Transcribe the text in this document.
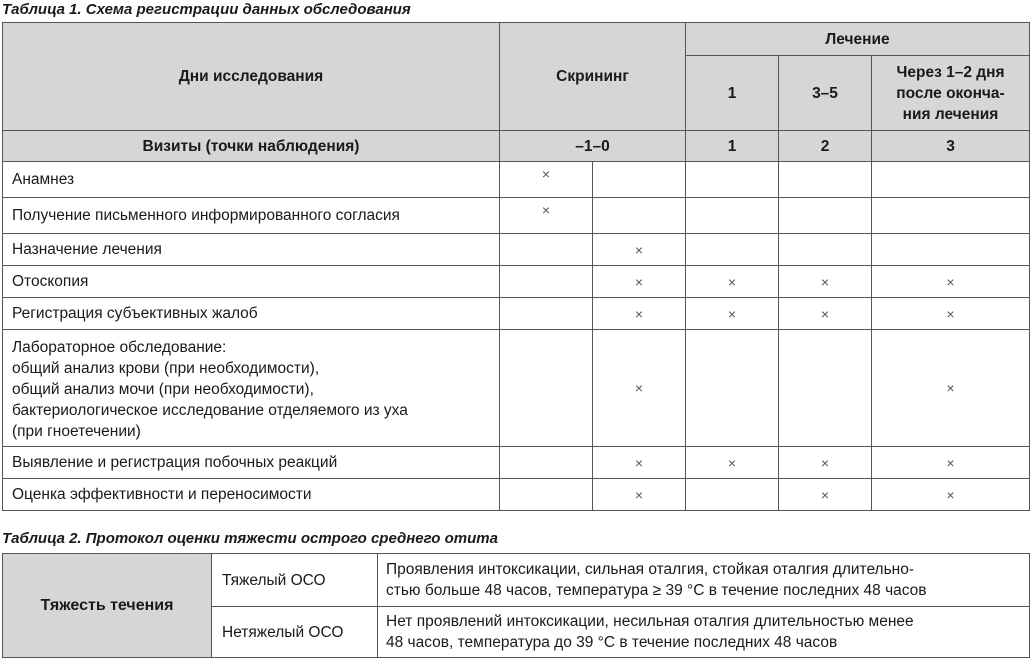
Таблица 1. Схема регистрации данных обследования
Дни исследования	Скрининг		Лечение		
			1	3–5	Через 1–2 дня
после оконча-
ния лечения

Визиты (точки наблюдения)	–1–0		1	2	3

Анамнез	×				

Получение письменного информированного согласия	×				

Назначение лечения		×			

Отоскопия		×	×	×	×

Регистрация субъективных жалоб		×	×	×	×

Лабораторное обследование:
общий анализ крови (при необходимости),
общий анализ мочи (при необходимости),
бактериологическое исследование отделяемого из уха
(при гноетечении)		×			×

Выявление и регистрация побочных реакций		×	×	×	×

Оценка эффективности и переносимости		×		×	×
Таблица 2. Протокол оценки тяжести острого среднего отита
Тяжесть течения	Тяжелый ОСО	Проявления интоксикации, сильная оталгия, стойкая оталгия длительно-
стью больше 48 часов, температура ≥ 39 °С в течение последних 48 часов

	Нетяжелый ОСО	Нет проявлений интоксикации, несильная оталгия длительностью менее
48 часов, температура до 39 °С в течение последних 48 часов
